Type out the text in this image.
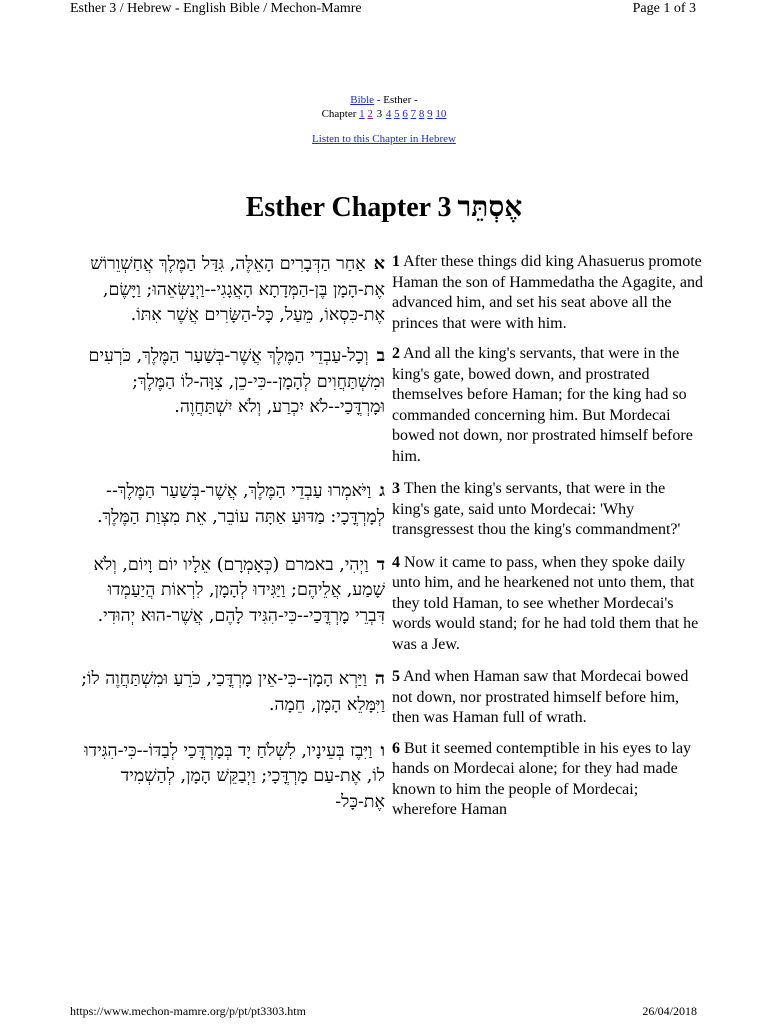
Esther 3 / Hebrew - English Bible / Mechon-Mamre	Page 1 of 3
Bible - Esther -
Chapter 1 2 3 4 5 6 7 8 9 10
Listen to this Chapter in Hebrew
Esther Chapter 3 אֶסְתֵּר
אאַחַר הַדְּבָרִים הָאֵלֶּה, גִּדַּל הַמֶּלֶךְ אֲחַשְׁוֵרוֹשׁ אֶת-הָמָן בֶּן-הַמְּדָתָא הָאֲגָגִי--וַיְנַשְּׂאֵהוּ; וַיָּשֶׂם, אֶת-כִּסְאוֹ, מֵעַל, כָּל-הַשָּׂרִים אֲשֶׁר אִתּוֹ.
1 After these things did king Ahasuerus promote Haman the son of Hammedatha the Agagite, and advanced him, and set his seat above all the princes that were with him.
בוְכָל-עַבְדֵי הַמֶּלֶךְ אֲשֶׁר-בְּשַׁעַר הַמֶּלֶךְ, כֹּרְעִים וּמִשְׁתַּחֲוִים לְהָמָן--כִּי-כֵן, צִוָּה-לוֹ הַמֶּלֶךְ; וּמָרְדֳּכַי--לֹא יִכְרַע, וְלֹא יִשְׁתַּחֲוֶה.
2 And all the king's servants, that were in the king's gate, bowed down, and prostrated themselves before Haman; for the king had so commanded concerning him. But Mordecai bowed not down, nor prostrated himself before him.
גוַיֹּאמְרוּ עַבְדֵי הַמֶּלֶךְ, אֲשֶׁר-בְּשַׁעַר הַמֶּלֶךְ--לְמָרְדֳּכָי: מַדּוּעַ אַתָּה עוֹבֵר, אֵת מִצְוַת הַמֶּלֶךְ.
3 Then the king's servants, that were in the king's gate, said unto Mordecai: 'Why transgressest thou the king's commandment?'
דוַיְהִי, באמרם (כְּאָמְרָם) אֵלָיו יוֹם וָיוֹם, וְלֹא שָׁמַע, אֲלֵיהֶם; וַיַּגִּידוּ לְהָמָן, לִרְאוֹת הֲיַעַמְדוּ דִּבְרֵי מָרְדֳּכַי--כִּי-הִגִּיד לָהֶם, אֲשֶׁר-הוּא יְהוּדִי.
4 Now it came to pass, when they spoke daily unto him, and he hearkened not unto them, that they told Haman, to see whether Mordecai's words would stand; for he had told them that he was a Jew.
הוַיַּרְא הָמָן--כִּי-אֵין מָרְדֳּכַי, כֹּרֵעַ וּמִשְׁתַּחֲוֶה לוֹ; וַיִּמָּלֵא הָמָן, חֵמָה.
5 And when Haman saw that Mordecai bowed not down, nor prostrated himself before him, then was Haman full of wrath.
ווַיִּבֶז בְּעֵינָיו, לִשְׁלֹחַ יָד בְּמָרְדֳּכַי לְבַדּוֹ--כִּי-הִגִּידוּ לוֹ, אֶת-עַם מָרְדֳּכָי; וַיְבַקֵּשׁ הָמָן, לְהַשְׁמִיד אֶת-כָּל-
6 But it seemed contemptible in his eyes to lay hands on Mordecai alone; for they had made known to him the people of Mordecai; wherefore Haman
https://www.mechon-mamre.org/p/pt/pt3303.htm	26/04/2018
